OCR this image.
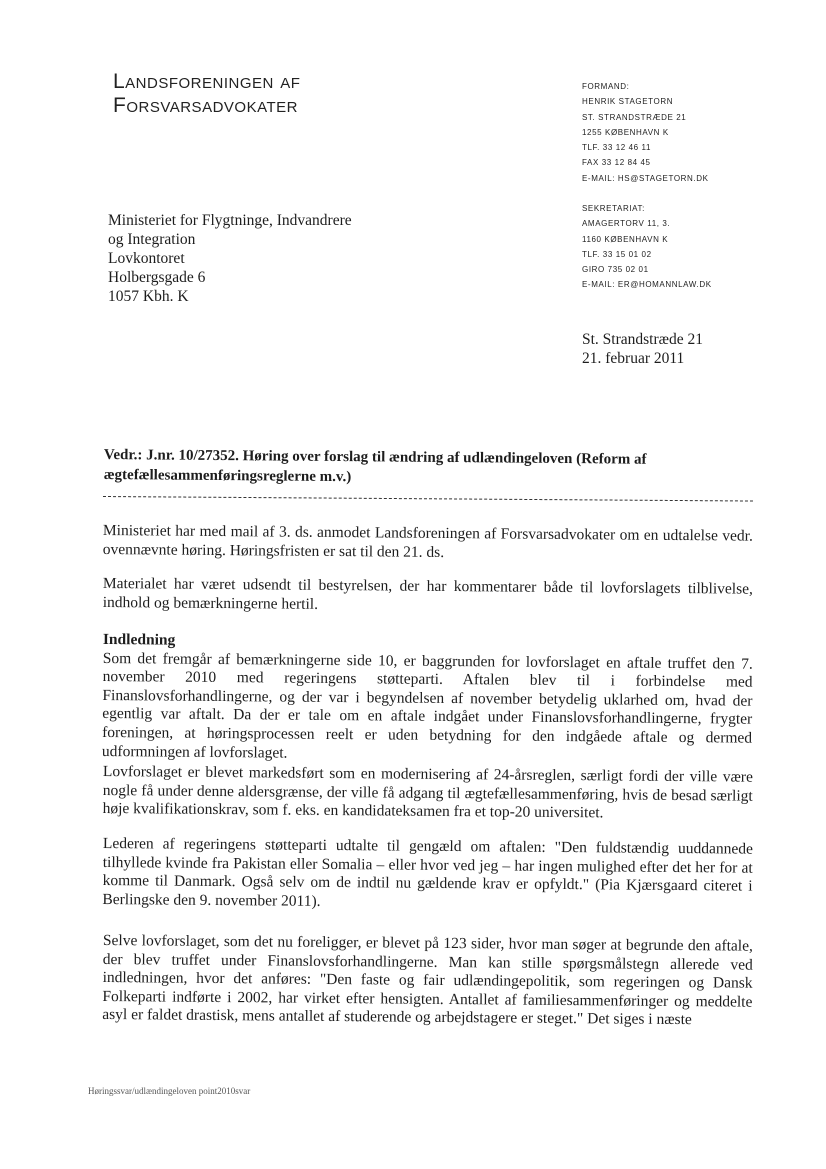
Landsforeningen af
Forsvarsadvokater
FORMAND:
HENRIK STAGETORN
ST. STRANDSTRÆDE 21
1255 KØBENHAVN K
TLF. 33 12 46 11
FAX 33 12 84 45
E-MAIL: HS@STAGETORN.DK
SEKRETARIAT:
AMAGERTORV 11, 3.
1160 KØBENHAVN K
TLF. 33 15 01 02
GIRO 735 02 01
E-MAIL: ER@HOMANNLAW.DK
Ministeriet for Flygtninge, Indvandrere
og Integration
Lovkontoret
Holbergsgade 6
1057 Kbh. K
St. Strandstræde 21
21. februar 2011
Vedr.: J.nr. 10/27352. Høring over forslag til ændring af udlændingeloven (Reform af ægtefællesammenføringsreglerne m.v.)
Ministeriet har med mail af 3. ds. anmodet Landsforeningen af Forsvarsadvokater om en udtalelse vedr. ovennævnte høring. Høringsfristen er sat til den 21. ds.
Materialet har været udsendt til bestyrelsen, der har kommentarer både til lovforslagets tilblivelse, indhold og bemærkningerne hertil.
Indledning
Som det fremgår af bemærkningerne side 10, er baggrunden for lovforslaget en aftale truffet den 7. november 2010 med regeringens støtteparti. Aftalen blev til i forbindelse med Finanslovsforhandlingerne, og der var i begyndelsen af november betydelig uklarhed om, hvad der egentlig var aftalt. Da der er tale om en aftale indgået under Finanslovsforhandlingerne, frygter foreningen, at høringsprocessen reelt er uden betydning for den indgåede aftale og dermed udformningen af lovforslaget.
Lovforslaget er blevet markedsført som en modernisering af 24-årsreglen, særligt fordi der ville være nogle få under denne aldersgrænse, der ville få adgang til ægtefællesammenføring, hvis de besad særligt høje kvalifikationskrav, som f. eks. en kandidateksamen fra et top-20 universitet.
Lederen af regeringens støtteparti udtalte til gengæld om aftalen: "Den fuldstændig uuddannede tilhyllede kvinde fra Pakistan eller Somalia – eller hvor ved jeg – har ingen mulighed efter det her for at komme til Danmark. Også selv om de indtil nu gældende krav er opfyldt." (Pia Kjærsgaard citeret i Berlingske den 9. november 2011).
Selve lovforslaget, som det nu foreligger, er blevet på 123 sider, hvor man søger at begrunde den aftale, der blev truffet under Finanslovsforhandlingerne. Man kan stille spørgsmålstegn allerede ved indledningen, hvor det anføres: "Den faste og fair udlændingepolitik, som regeringen og Dansk Folkeparti indførte i 2002, har virket efter hensigten. Antallet af familiesammenføringer og meddelte asyl er faldet drastisk, mens antallet af studerende og arbejdstagere er steget." Det siges i næste
Høringssvar/udlændingeloven point2010svar
